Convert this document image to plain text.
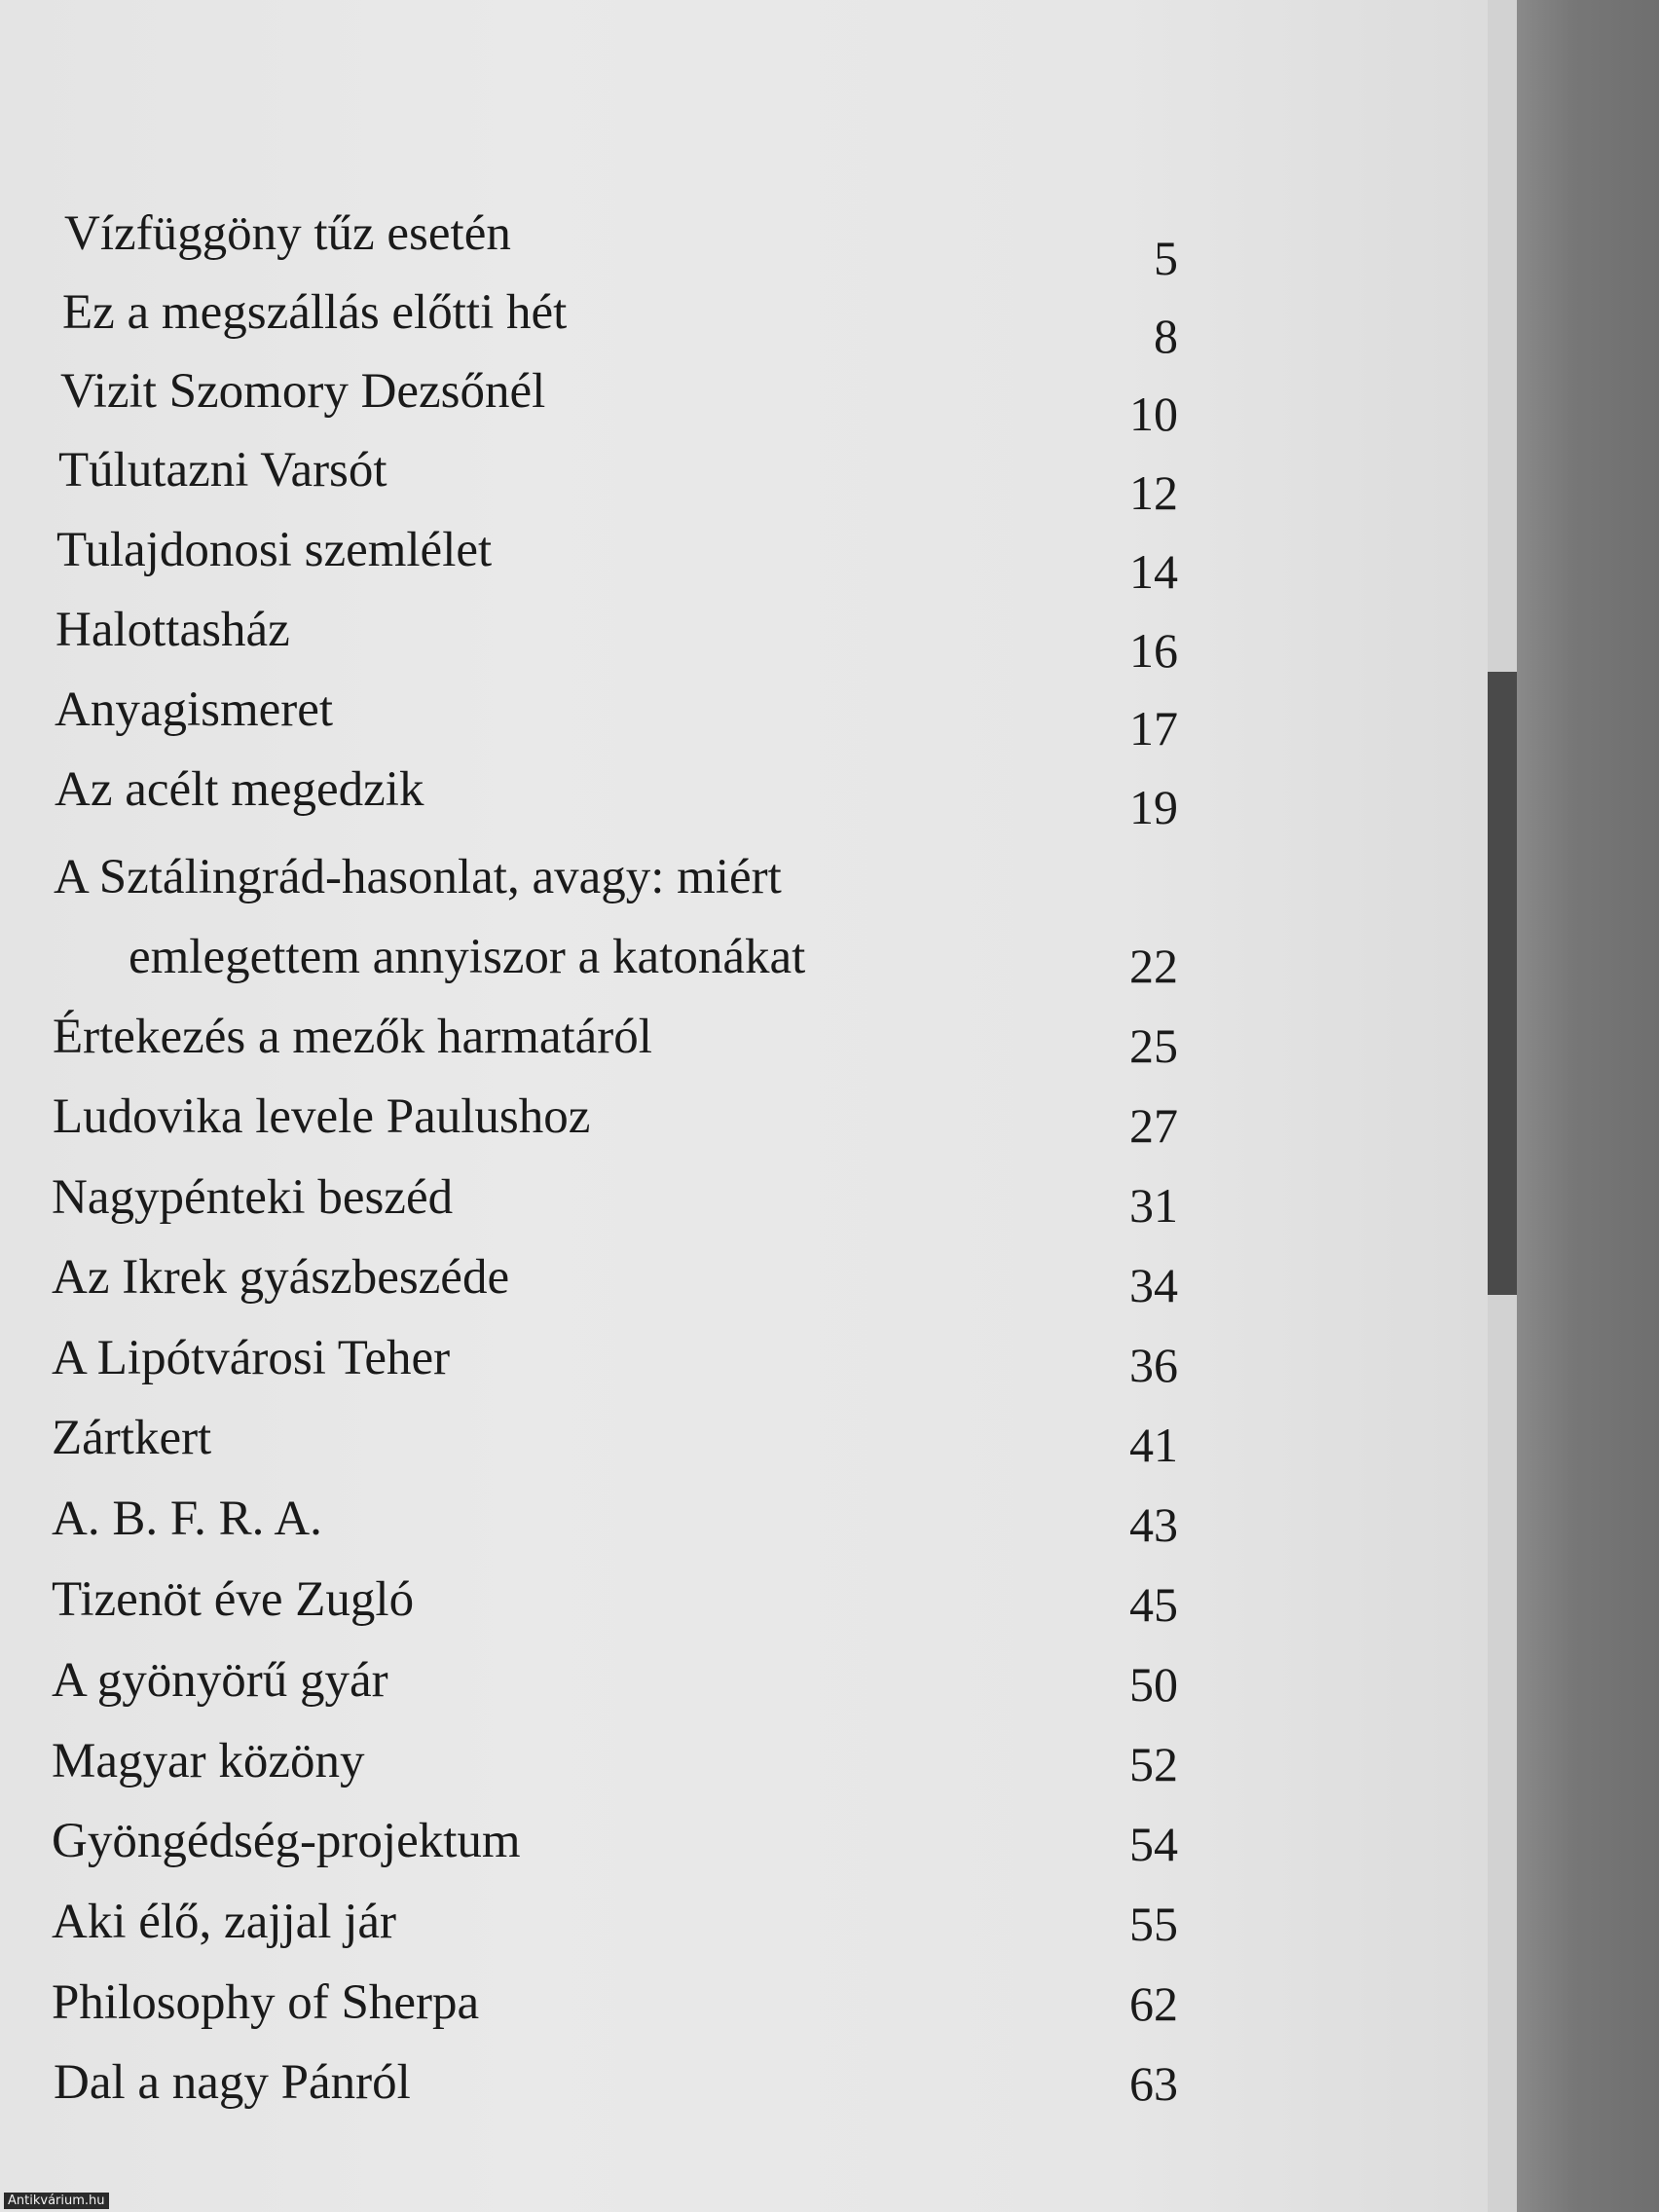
Vízfüggöny tűz esetén	5
Ez a megszállás előtti hét	8
Vizit Szomory Dezsőnél	10
Túlutazni Varsót	12
Tulajdonosi szemlélet	14
Halottasház	16
Anyagismeret	17
Az acélt megedzik	19
A Sztálingrád-hasonlat, avagy: miért
emlegettem annyiszor a katonákat	22
Értekezés a mezők harmatáról	25
Ludovika levele Paulushoz	27
Nagypénteki beszéd	31
Az Ikrek gyászbeszéde	34
A Lipótvárosi Teher	36
Zártkert	41
A. B. F. R. A.	43
Tizenöt éve Zugló	45
A gyönyörű gyár	50
Magyar közöny	52
Gyöngédség-projektum	54
Aki élő, zajjal jár	55
Philosophy of Sherpa	62
Dal a nagy Pánról	63
Antikvárium.hu
